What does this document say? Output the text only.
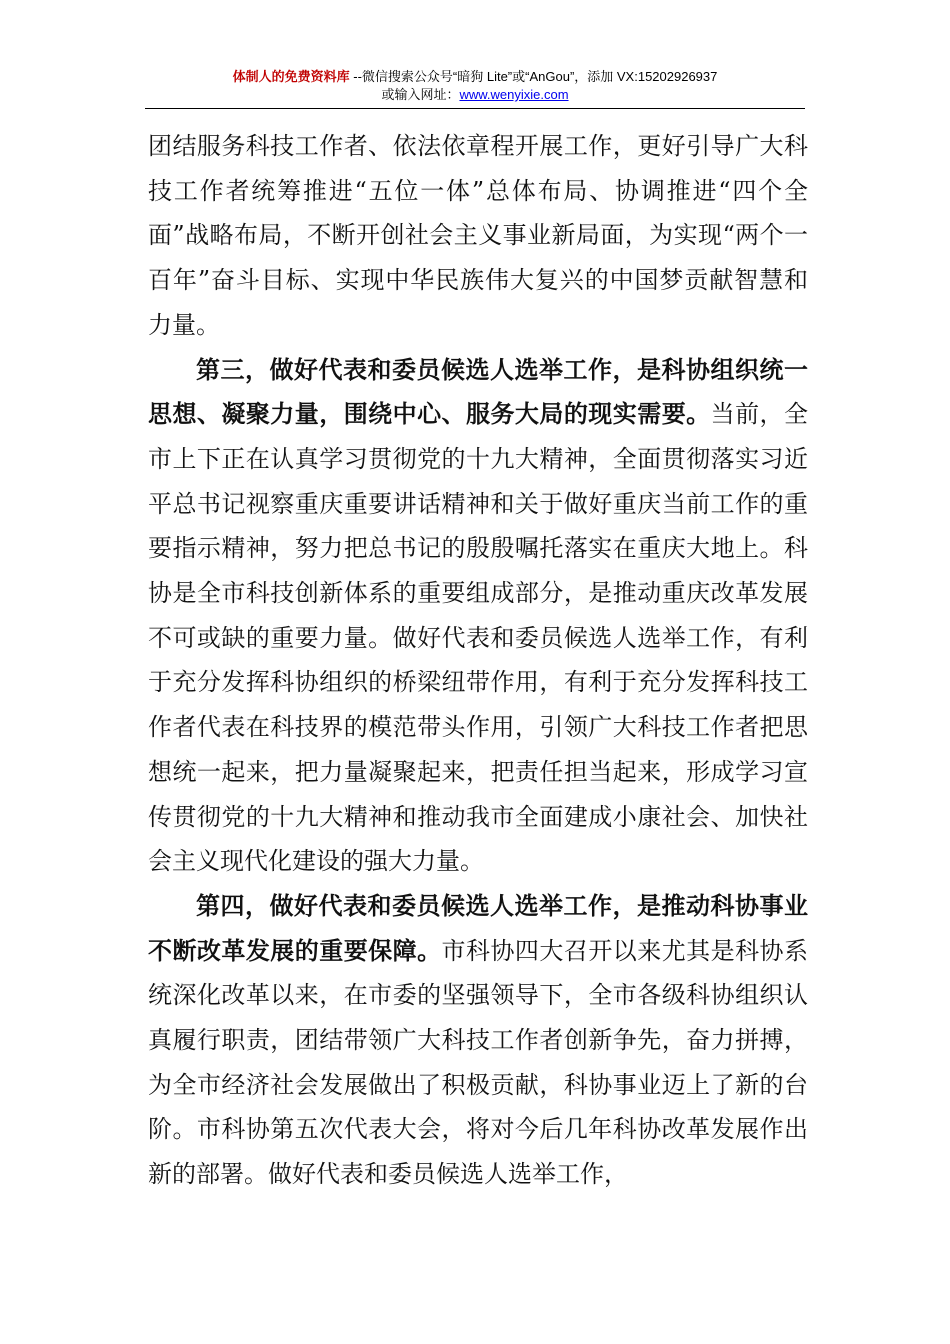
体制人的免费资料库 --微信搜索公众号“暗狗 Lite”或“AnGou”，添加 VX:15202926937
或输入网址：www.wenyixie.com

团结服务科技工作者、依法依章程开展工作，更好引导广大科技工作者统筹推进“五位一体”总体布局、协调推进“四个全面”战略布局，不断开创社会主义事业新局面，为实现“两个一百年”奋斗目标、实现中华民族伟大复兴的中国梦贡献智慧和力量。

第三，做好代表和委员候选人选举工作，是科协组织统一思想、凝聚力量，围绕中心、服务大局的现实需要。当前，全市上下正在认真学习贯彻党的十九大精神，全面贯彻落实习近平总书记视察重庆重要讲话精神和关于做好重庆当前工作的重要指示精神，努力把总书记的殷殷嘱托落实在重庆大地上。科协是全市科技创新体系的重要组成部分，是推动重庆改革发展不可或缺的重要力量。做好代表和委员候选人选举工作，有利于充分发挥科协组织的桥梁纽带作用，有利于充分发挥科技工作者代表在科技界的模范带头作用，引领广大科技工作者把思想统一起来，把力量凝聚起来，把责任担当起来，形成学习宣传贯彻党的十九大精神和推动我市全面建成小康社会、加快社会主义现代化建设的强大力量。

第四，做好代表和委员候选人选举工作，是推动科协事业不断改革发展的重要保障。市科协四大召开以来尤其是科协系统深化改革以来，在市委的坚强领导下，全市各级科协组织认真履行职责，团结带领广大科技工作者创新争先，奋力拼搏，为全市经济社会发展做出了积极贡献，科协事业迈上了新的台阶。市科协第五次代表大会，将对今后几年科协改革发展作出新的部署。做好代表和委员候选人选举工作，
